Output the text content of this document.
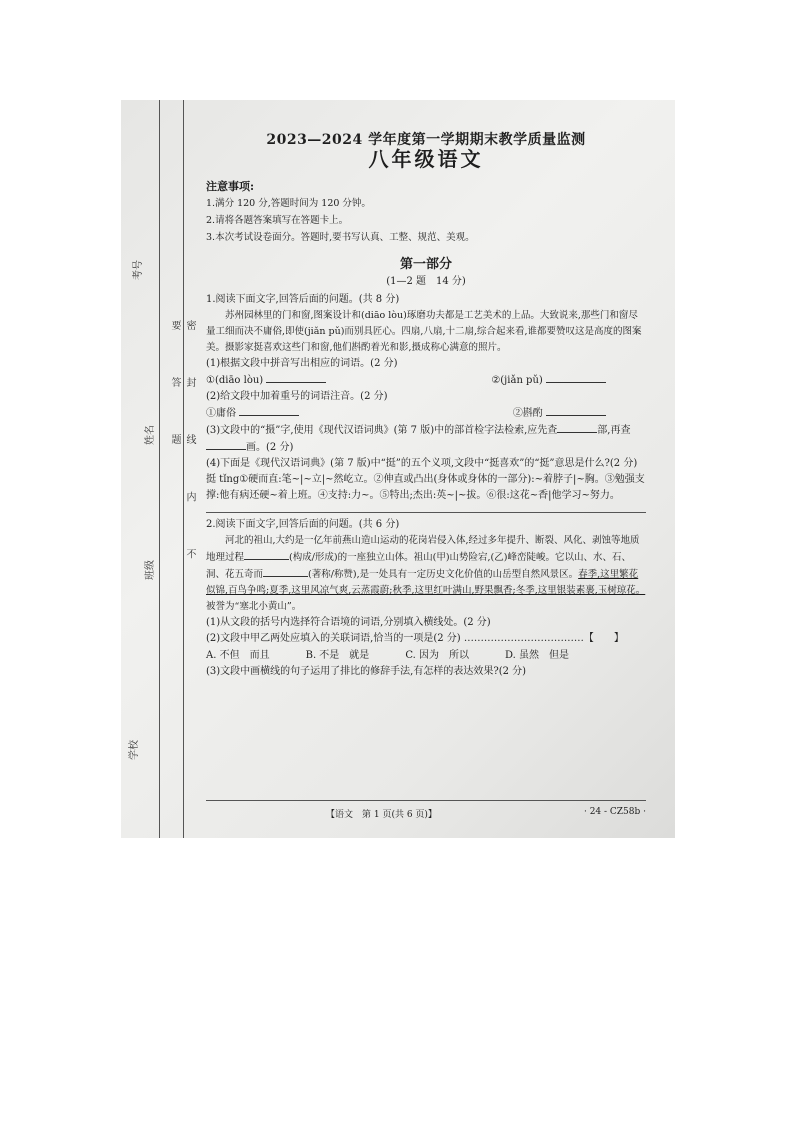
考号
姓名
班级
学校
密 封 线 内 不 要 答 题

2023—2024 学年度第一学期期末教学质量监测

八年级语文

注意事项:
1.满分 120 分,答题时间为 120 分钟。
2.请将各题答案填写在答题卡上。
3.本次考试设卷面分。答题时,要书写认真、工整、规范、美观。
第一部分
(1—2 题　14 分)

1.阅读下面文字,回答后面的问题。(共 8 分)

苏州园林里的门和窗,图案设计和(diāo lòu)琢磨功夫都是工艺美术的上品。大致说来,那些门和窗尽量工细而决不庸俗,即使(jiǎn pǔ)而别具匠心。四扇,八扇,十二扇,综合起来看,谁都要赞叹这是高度的图案美。摄影家挺喜欢这些门和窗,他们斟酌着光和影,摄成称心满意的照片。

(1)根据文段中拼音写出相应的词语。(2 分)

①(diāo lòu)	②(jiǎn pǔ)

(2)给文段中加着重号的词语注音。(2 分)

①庸俗	②斟酌

(3)文段中的“摄”字,使用《现代汉语词典》(第 7 版)中的部首检字法检索,应先查	部,再查画。(2 分)

(4)下面是《现代汉语词典》(第 7 版)中“挺”的五个义项,文段中“挺喜欢”的“挺”意思是什么?(2 分)

挺 tǐng①硬而直:笔~|~立|~然屹立。②伸直或凸出(身体或身体的一部分):~着脖子|~胸。③勉强支撑:他有病还硬~着上班。④支持:力~。⑤特出;杰出:英~|~拔。⑥很:这花~香|他学习~努力。

2.阅读下面文字,回答后面的问题。(共 6 分)

河北的祖山,大约是一亿年前燕山造山运动的花岗岩侵入体,经过多年提升、断裂、风化、剥蚀等地质地理过程	(构成/形成)的一座独立山体。祖山(甲)山势险宕,(乙)峰峦陡峻。它以山、水、石、洞、花五奇而	(著称/称赞),是一处具有一定历史文化价值的山岳型自然风景区。春季,这里繁花似锦,百鸟争鸣;夏季,这里风凉气爽,云蒸霞蔚;秋季,这里红叶满山,野果飘香;冬季,这里银装素裹,玉树琼花。被誉为“塞北小黄山”。

(1)从文段的括号内选择符合语境的词语,分别填入横线处。(2 分)

(2)文段中甲乙两处应填入的关联词语,恰当的一项是(2 分) ………………………………【　　】

A. 不但　而且	B. 不是　就是	C. 因为　所以	D. 虽然　但是

(3)文段中画横线的句子运用了排比的修辞手法,有怎样的表达效果?(2 分)

【语文　第 1 页(共 6 页)】	· 24 - CZ58b ·
